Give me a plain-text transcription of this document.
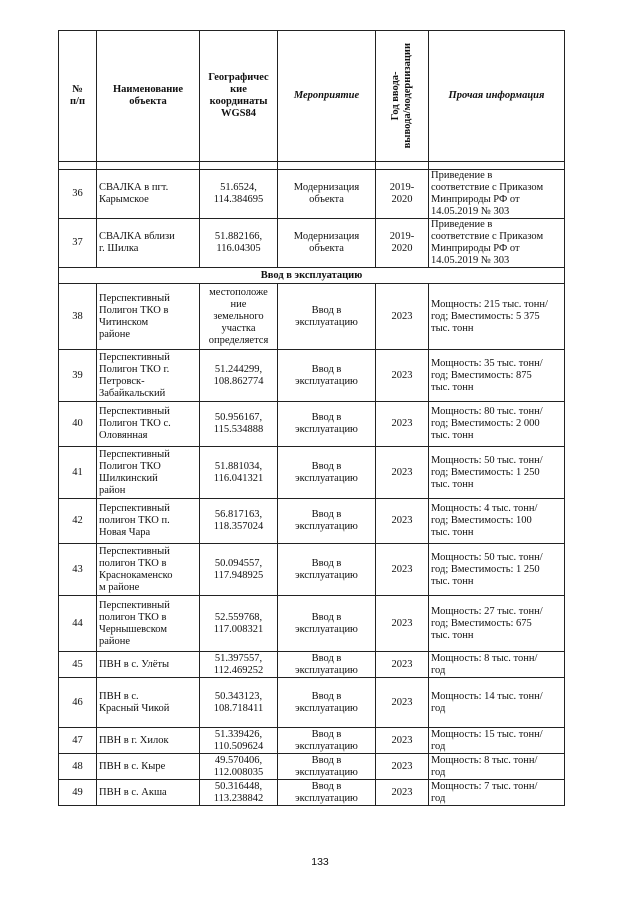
№
п/п	Наименование
объекта	Географичес
кие
координаты
WGS84	Мероприятие	Год ввода-
вывода/модернизации	Прочая информация

36	СВАЛКА в пгт.
Карымское	51.6524,
114.384695	Модернизация
объекта	2019-
2020	Приведение в
соответствие с Приказом
Минприроды РФ от
14.05.2019 № 303
37	СВАЛКА вблизи
г. Шилка	51.882166,
116.04305	Модернизация
объекта	2019-
2020	Приведение в
соответствие с Приказом
Минприроды РФ от
14.05.2019 № 303
Ввод в эксплуатацию					
38	Перспективный
Полигон ТКО в
Читинском
районе	местоположе
ние
земельного
участка
определяется	Ввод в
эксплуатацию	2023	Мощность: 215 тыс. тонн/
год; Вместимость: 5 375
тыс. тонн
39	Перспективный
Полигон ТКО г.
Петровск-
Забайкальский	51.244299,
108.862774	Ввод в
эксплуатацию	2023	Мощность: 35 тыс. тонн/
год; Вместимость: 875
тыс. тонн
40	Перспективный
Полигон ТКО с.
Оловянная	50.956167,
115.534888	Ввод в
эксплуатацию	2023	Мощность: 80 тыс. тонн/
год; Вместимость: 2 000
тыс. тонн
41	Перспективный
Полигон ТКО
Шилкинский
район	51.881034,
116.041321	Ввод в
эксплуатацию	2023	Мощность: 50 тыс. тонн/
год; Вместимость: 1 250
тыс. тонн
42	Перспективный
полигон ТКО п.
Новая Чара	56.817163,
118.357024	Ввод в
эксплуатацию	2023	Мощность: 4 тыс. тонн/
год; Вместимость: 100
тыс. тонн
43	Перспективный
полигон ТКО в
Краснокаменско
м районе	50.094557,
117.948925	Ввод в
эксплуатацию	2023	Мощность: 50 тыс. тонн/
год; Вместимость: 1 250
тыс. тонн
44	Перспективный
полигон ТКО в
Чернышевском
районе	52.559768,
117.008321	Ввод в
эксплуатацию	2023	Мощность: 27 тыс. тонн/
год; Вместимость: 675
тыс. тонн
45	ПВН в с. Улёты	51.397557,
112.469252	Ввод в
эксплуатацию	2023	Мощность: 8 тыс. тонн/
год
46	ПВН в с.
Красный Чикой	50.343123,
108.718411	Ввод в
эксплуатацию	2023	Мощность: 14 тыс. тонн/
год
47	ПВН в г. Хилок	51.339426,
110.509624	Ввод в
эксплуатацию	2023	Мощность: 15 тыс. тонн/
год
48	ПВН в с. Кыре	49.570406,
112.008035	Ввод в
эксплуатацию	2023	Мощность: 8 тыс. тонн/
год
49	ПВН в с. Акша	50.316448,
113.238842	Ввод в
эксплуатацию	2023	Мощность: 7 тыс. тонн/
год
133
